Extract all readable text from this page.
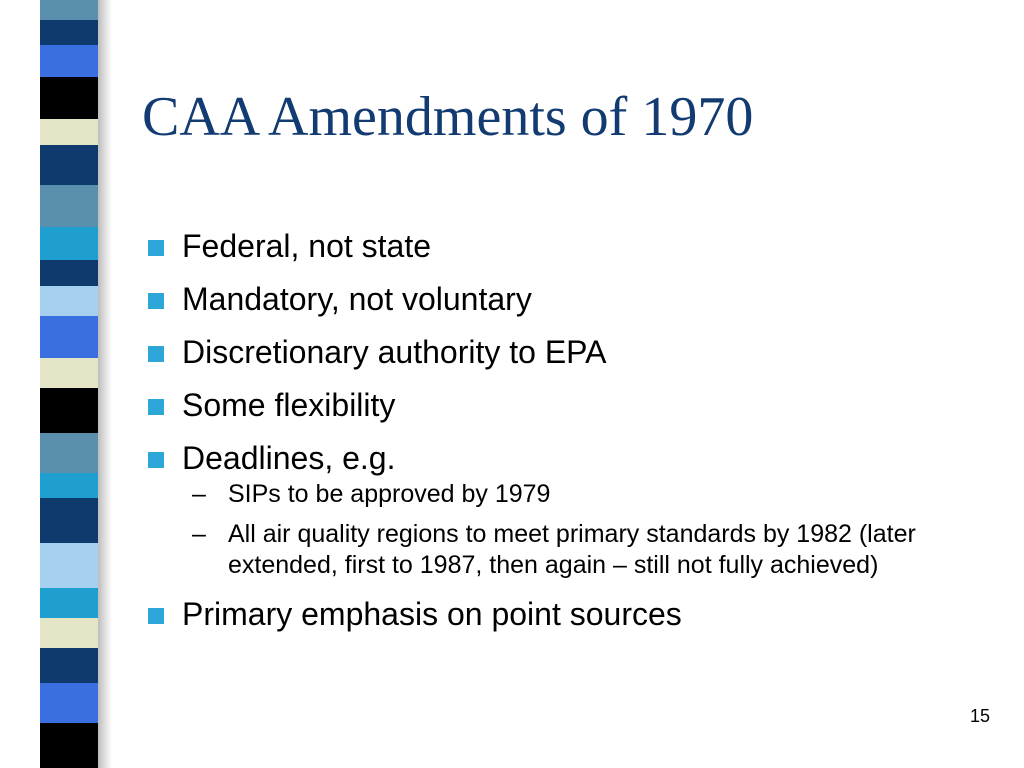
CAA Amendments of 1970
Federal, not state
Mandatory, not voluntary
Discretionary authority to EPA
Some flexibility
Deadlines, e.g.
– SIPs to be approved by 1979
– All air quality regions to meet primary standards by 1982 (later extended, first to 1987, then again – still not fully achieved)
Primary emphasis on point sources
15
